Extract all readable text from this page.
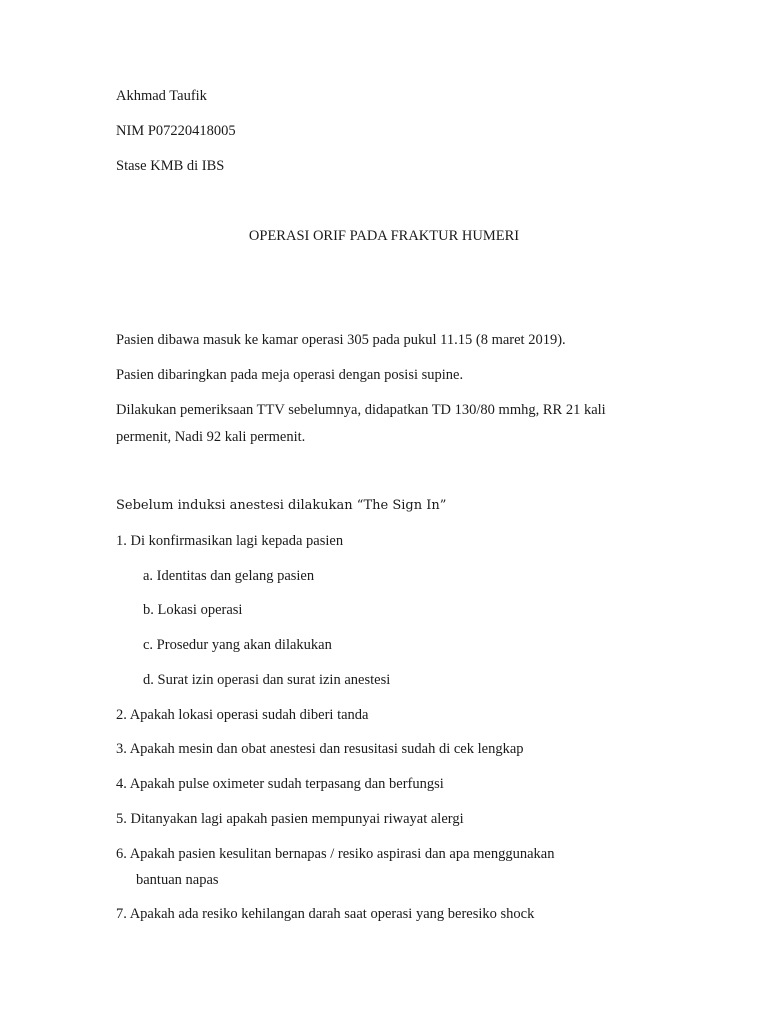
Akhmad Taufik
NIM P07220418005
Stase KMB di IBS
OPERASI ORIF PADA FRAKTUR HUMERI
Pasien dibawa masuk ke kamar operasi 305 pada pukul 11.15 (8 maret 2019).
Pasien dibaringkan pada meja operasi dengan posisi supine.
Dilakukan pemeriksaan TTV sebelumnya, didapatkan TD 130/80 mmhg, RR 21 kali
permenit, Nadi 92 kali permenit.
Sebelum induksi anestesi dilakukan “The Sign In”
1. Di konfirmasikan lagi kepada pasien
a. Identitas dan gelang pasien
b. Lokasi operasi
c. Prosedur yang akan dilakukan
d. Surat izin operasi dan surat izin anestesi
2. Apakah lokasi operasi sudah diberi tanda
3. Apakah mesin dan obat anestesi dan resusitasi sudah di cek lengkap
4. Apakah pulse oximeter sudah terpasang dan berfungsi
5. Ditanyakan lagi apakah pasien mempunyai riwayat alergi
6. Apakah pasien kesulitan bernapas / resiko aspirasi dan apa menggunakan
bantuan napas
7. Apakah ada resiko kehilangan darah saat operasi yang beresiko shock
